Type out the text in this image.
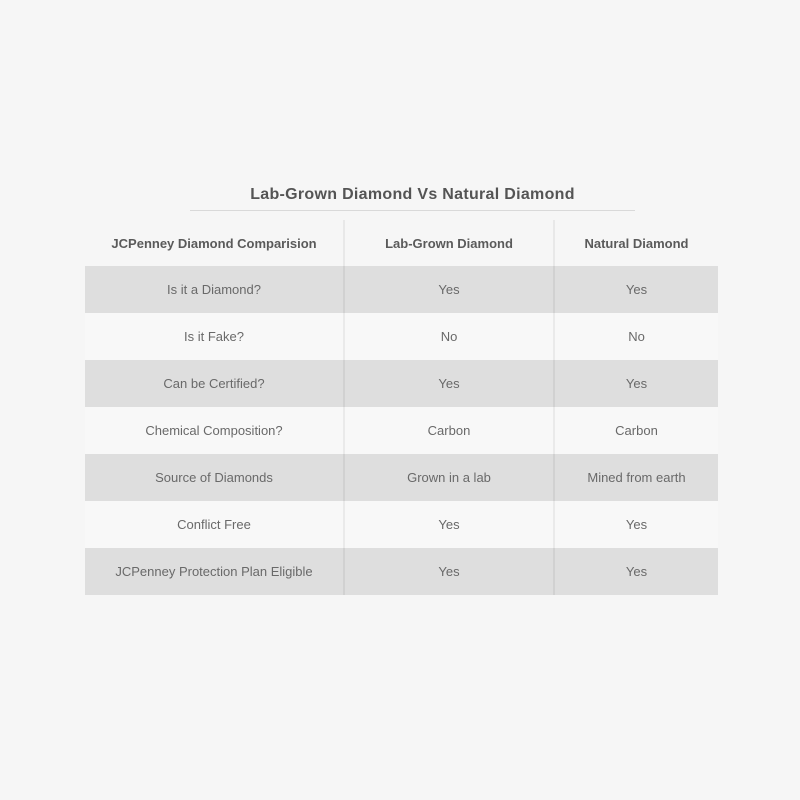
Lab-Grown Diamond Vs Natural Diamond
JCPenney Diamond Comparision	Lab-Grown Diamond	Natural Diamond
Is it a Diamond?	Yes	Yes
Is it Fake?	No	No
Can be Certified?	Yes	Yes
Chemical Composition?	Carbon	Carbon
Source of Diamonds	Grown in a lab	Mined from earth
Conflict Free	Yes	Yes
JCPenney Protection Plan Eligible	Yes	Yes
